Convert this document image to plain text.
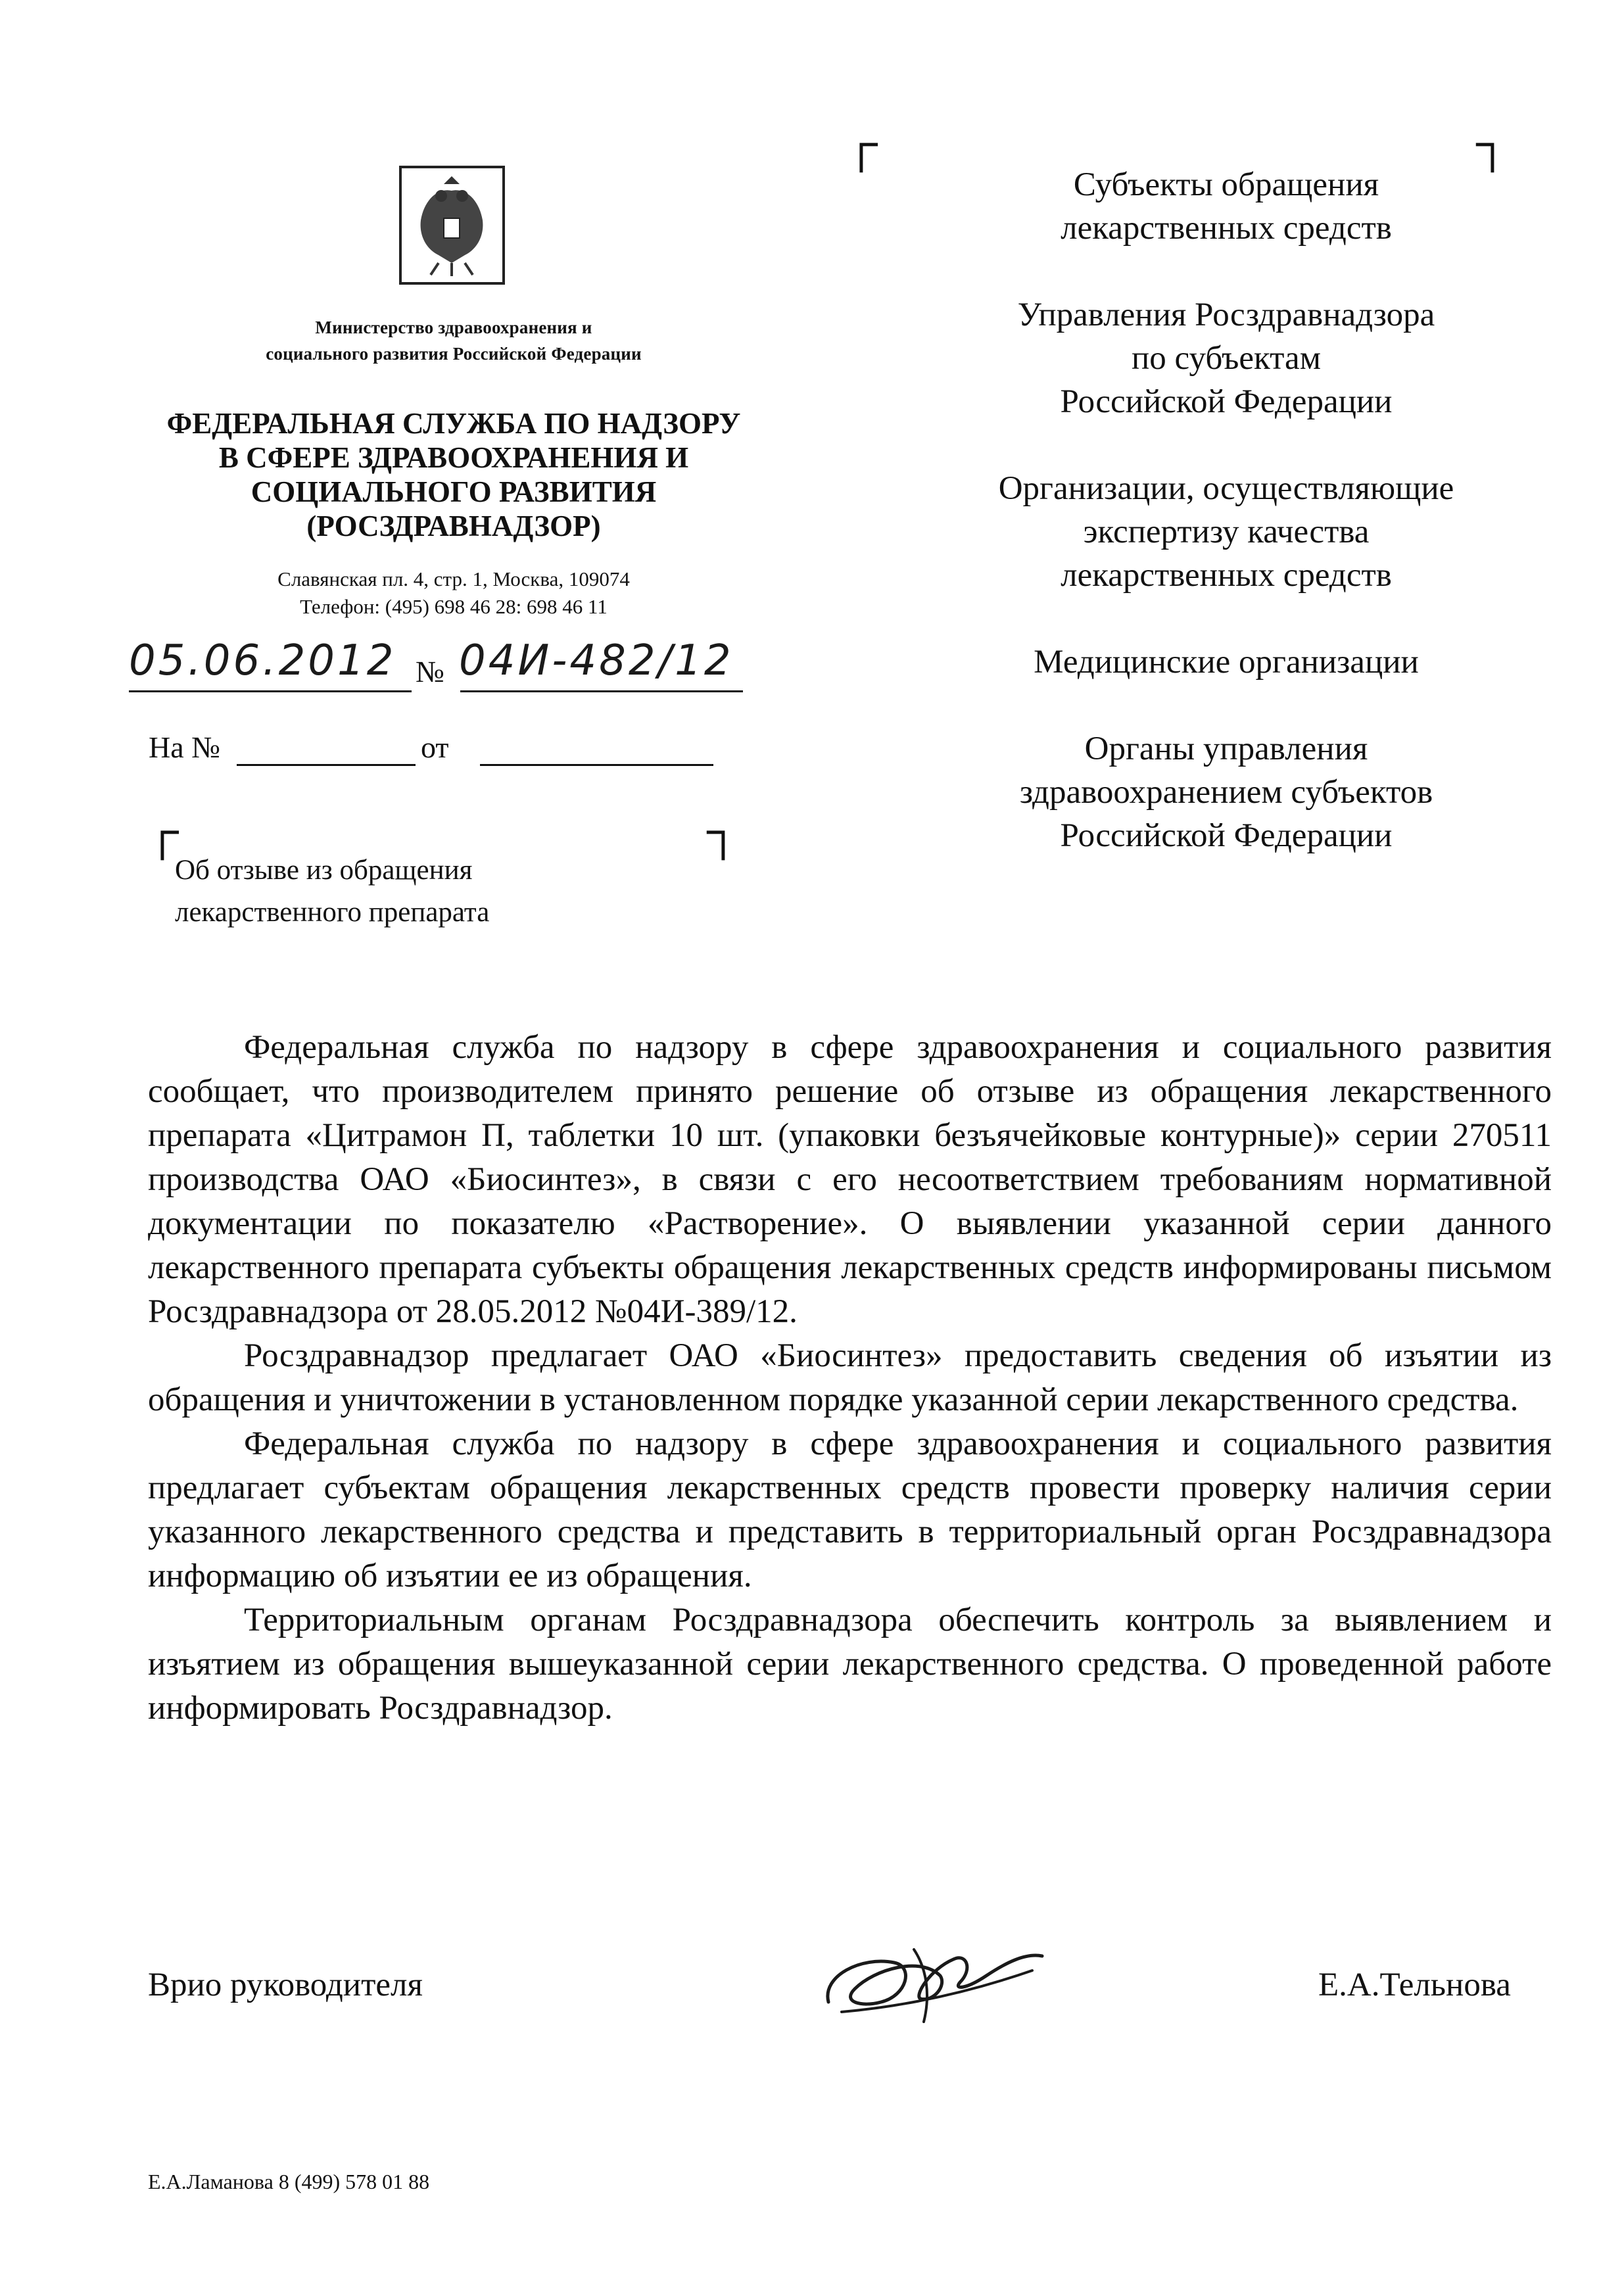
Министерство здравоохранения и
социального развития Российской Федерации
ФЕДЕРАЛЬНАЯ СЛУЖБА ПО НАДЗОРУ
В СФЕРЕ ЗДРАВООХРАНЕНИЯ И
СОЦИАЛЬНОГО РАЗВИТИЯ
(РОСЗДРАВНАДЗОР)
Славянская пл. 4, стр. 1, Москва, 109074
Телефон: (495) 698 46 28: 698 46 11
05.06.2012 № 04И-482/12
На №	от
┌	┐
Об отзыве из обращения
лекарственного препарата
┌	┐
Субъекты обращения
лекарственных средств
Управления Росздравнадзора
по субъектам
Российской Федерации
Организации, осуществляющие
экспертизу качества
лекарственных средств
Медицинские организации
Органы управления
здравоохранением субъектов
Российской Федерации

Федеральная служба по надзору в сфере здравоохранения и социального развития сообщает, что производителем принято решение об отзыве из обращения лекарственного препарата «Цитрамон П, таблетки 10 шт. (упаковки безъячейковые контурные)» серии 270511 производства ОАО «Биосинтез», в связи с его несоответствием требованиям нормативной документации по показателю «Растворение». О выявлении указанной серии данного лекарственного препарата субъекты обращения лекарственных средств информированы письмом Росздравнадзора от 28.05.2012 №04И-389/12.

Росздравнадзор предлагает ОАО «Биосинтез» предоставить сведения об изъятии из обращения и уничтожении в установленном порядке указанной серии лекарственного средства.

Федеральная служба по надзору в сфере здравоохранения и социального развития предлагает субъектам обращения лекарственных средств провести проверку наличия серии указанного лекарственного средства и представить в территориальный орган Росздравнадзора информацию об изъятии ее из обращения.

Территориальным органам Росздравнадзора обеспечить контроль за выявлением и изъятием из обращения вышеуказанной серии лекарственного средства. О проведенной работе информировать Росздравнадзор.

Врио руководителя	Е.А.Тельнова
Е.А.Ламанова 8 (499) 578 01 88
